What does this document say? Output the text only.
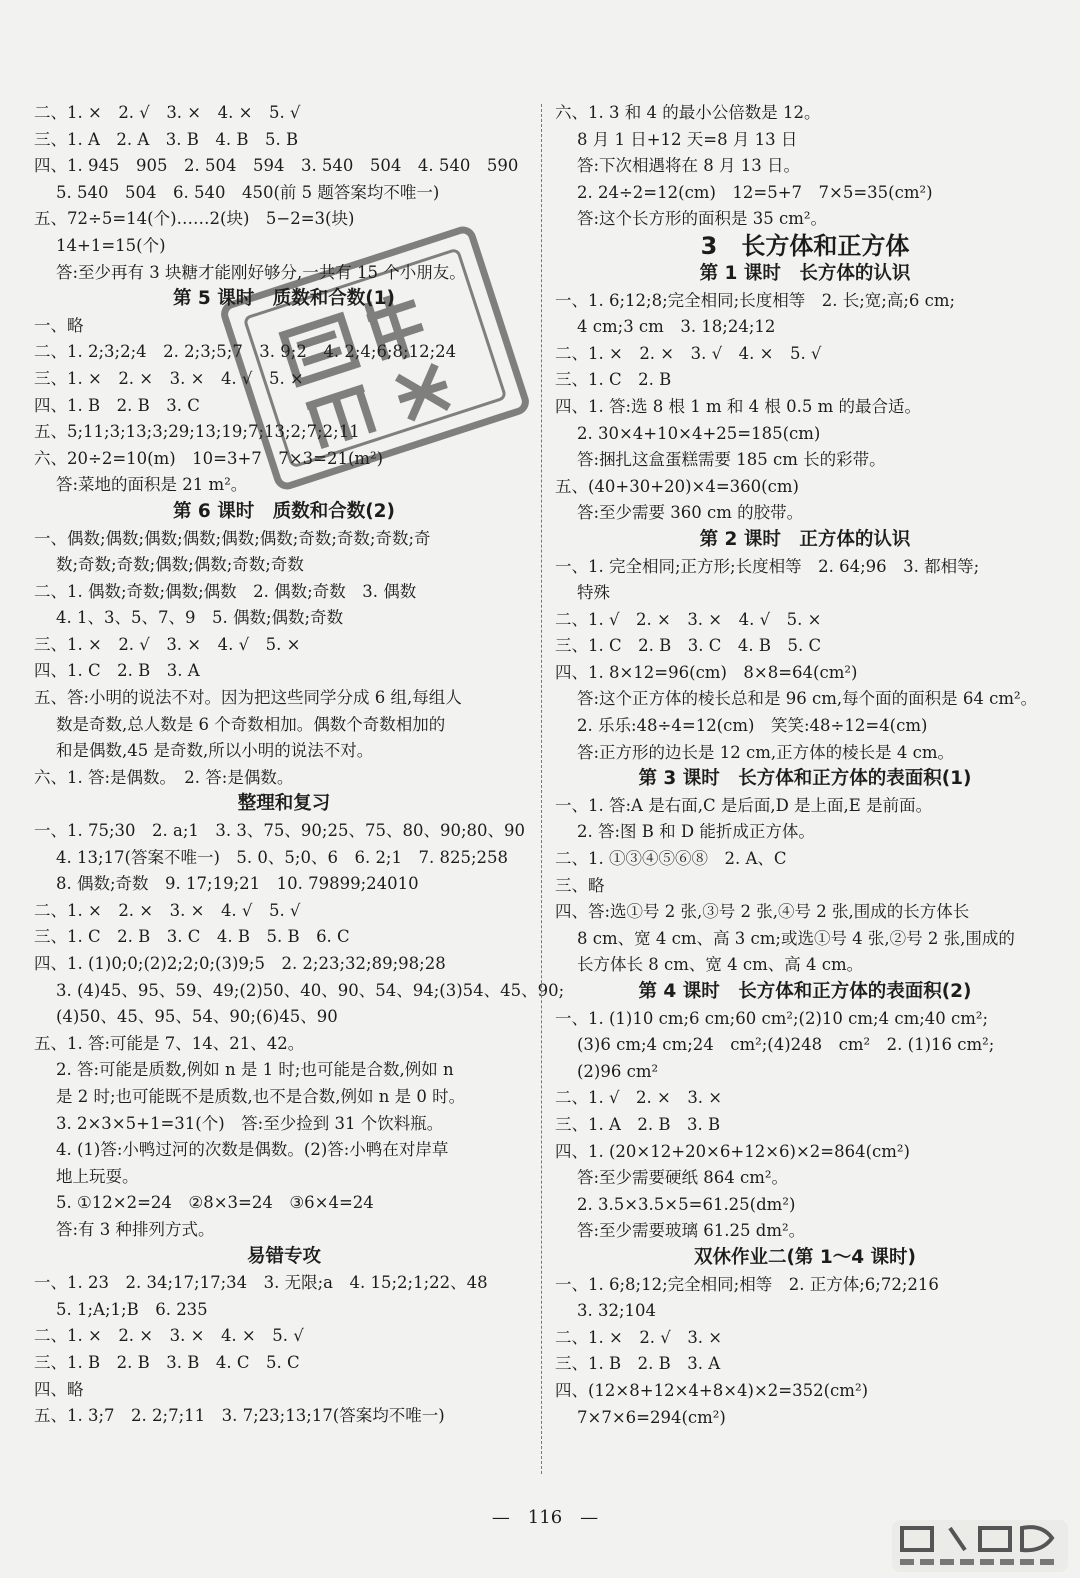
二、1. ×　2. √　3. ×　4. ×　5. √
三、1. A　2. A　3. B　4. B　5. B
四、1. 945　905　2. 504　594　3. 540　504　4. 540　590
5. 540　504　6. 540　450(前 5 题答案均不唯一)
五、72÷5=14(个)……2(块)　5−2=3(块)
14+1=15(个)
答:至少再有 3 块糖才能刚好够分,一共有 15 个小朋友。
第 5 课时　质数和合数(1)
一、略
二、1. 2;3;2;4　2. 2;3;5;7　3. 9;2　4. 2;4;6;8;12;24
三、1. ×　2. ×　3. ×　4. √　5. ×
四、1. B　2. B　3. C
五、5;11;3;13;3;29;13;19;7;13;2;7;2;11
六、20÷2=10(m)　10=3+7　7×3=21(m²)
答:菜地的面积是 21 m²。
第 6 课时　质数和合数(2)
一、偶数;偶数;偶数;偶数;偶数;偶数;奇数;奇数;奇数;奇
数;奇数;奇数;偶数;偶数;奇数;奇数
二、1. 偶数;奇数;偶数;偶数　2. 偶数;奇数　3. 偶数
4. 1、3、5、7、9　5. 偶数;偶数;奇数
三、1. ×　2. √　3. ×　4. √　5. ×
四、1. C　2. B　3. A
五、答:小明的说法不对。因为把这些同学分成 6 组,每组人
数是奇数,总人数是 6 个奇数相加。偶数个奇数相加的
和是偶数,45 是奇数,所以小明的说法不对。
六、1. 答:是偶数。　2. 答:是偶数。
整理和复习
一、1. 75;30　2. a;1　3. 3、75、90;25、75、80、90;80、90
4. 13;17(答案不唯一)　5. 0、5;0、6　6. 2;1　7. 825;258
8. 偶数;奇数　9. 17;19;21　10. 79899;24010
二、1. ×　2. ×　3. ×　4. √　5. √
三、1. C　2. B　3. C　4. B　5. B　6. C
四、1. (1)0;0;(2)2;2;0;(3)9;5　2. 2;23;32;89;98;28
3. (4)45、95、59、49;(2)50、40、90、54、94;(3)54、45、90;
(4)50、45、95、54、90;(6)45、90
五、1. 答:可能是 7、14、21、42。
2. 答:可能是质数,例如 n 是 1 时;也可能是合数,例如 n
是 2 时;也可能既不是质数,也不是合数,例如 n 是 0 时。
3. 2×3×5+1=31(个)　答:至少捡到 31 个饮料瓶。
4. (1)答:小鸭过河的次数是偶数。(2)答:小鸭在对岸草
地上玩耍。
5. ①12×2=24　②8×3=24　③6×4=24
答:有 3 种排列方式。
易错专攻
一、1. 23　2. 34;17;17;34　3. 无限;a　4. 15;2;1;22、48
5. 1;A;1;B　6. 235
二、1. ×　2. ×　3. ×　4. ×　5. √
三、1. B　2. B　3. B　4. C　5. C
四、略
五、1. 3;7　2. 2;7;11　3. 7;23;13;17(答案均不唯一)
六、1. 3 和 4 的最小公倍数是 12。
8 月 1 日+12 天=8 月 13 日
答:下次相遇将在 8 月 13 日。
2. 24÷2=12(cm)　12=5+7　7×5=35(cm²)
答:这个长方形的面积是 35 cm²。
3　长方体和正方体
第 1 课时　长方体的认识
一、1. 6;12;8;完全相同;长度相等　2. 长;宽;高;6 cm;
4 cm;3 cm　3. 18;24;12
二、1. ×　2. ×　3. √　4. ×　5. √
三、1. C　2. B
四、1. 答:选 8 根 1 m 和 4 根 0.5 m 的最合适。
2. 30×4+10×4+25=185(cm)
答:捆扎这盒蛋糕需要 185 cm 长的彩带。
五、(40+30+20)×4=360(cm)
答:至少需要 360 cm 的胶带。
第 2 课时　正方体的认识
一、1. 完全相同;正方形;长度相等　2. 64;96　3. 都相等;
特殊
二、1. √　2. ×　3. ×　4. √　5. ×
三、1. C　2. B　3. C　4. B　5. C
四、1. 8×12=96(cm)　8×8=64(cm²)
答:这个正方体的棱长总和是 96 cm,每个面的面积是 64 cm²。
2. 乐乐:48÷4=12(cm)　笑笑:48÷12=4(cm)
答:正方形的边长是 12 cm,正方体的棱长是 4 cm。
第 3 课时　长方体和正方体的表面积(1)
一、1. 答:A 是右面,C 是后面,D 是上面,E 是前面。
2. 答:图 B 和 D 能折成正方体。
二、1. ①③④⑤⑥⑧　2. A、C
三、略
四、答:选①号 2 张,③号 2 张,④号 2 张,围成的长方体长
8 cm、宽 4 cm、高 3 cm;或选①号 4 张,②号 2 张,围成的
长方体长 8 cm、宽 4 cm、高 4 cm。
第 4 课时　长方体和正方体的表面积(2)
一、1. (1)10 cm;6 cm;60 cm²;(2)10 cm;4 cm;40 cm²;
(3)6 cm;4 cm;24　cm²;(4)248　cm²　2. (1)16 cm²;
(2)96 cm²
二、1. √　2. ×　3. ×
三、1. A　2. B　3. B
四、1. (20×12+20×6+12×6)×2=864(cm²)
答:至少需要硬纸 864 cm²。
2. 3.5×3.5×5=61.25(dm²)
答:至少需要玻璃 61.25 dm²。
双休作业二(第 1～4 课时)
一、1. 6;8;12;完全相同;相等　2. 正方体;6;72;216
3. 32;104
二、1. ×　2. √　3. ×
三、1. B　2. B　3. A
四、(12×8+12×4+8×4)×2=352(cm²)
7×7×6=294(cm²)
—　116　—
